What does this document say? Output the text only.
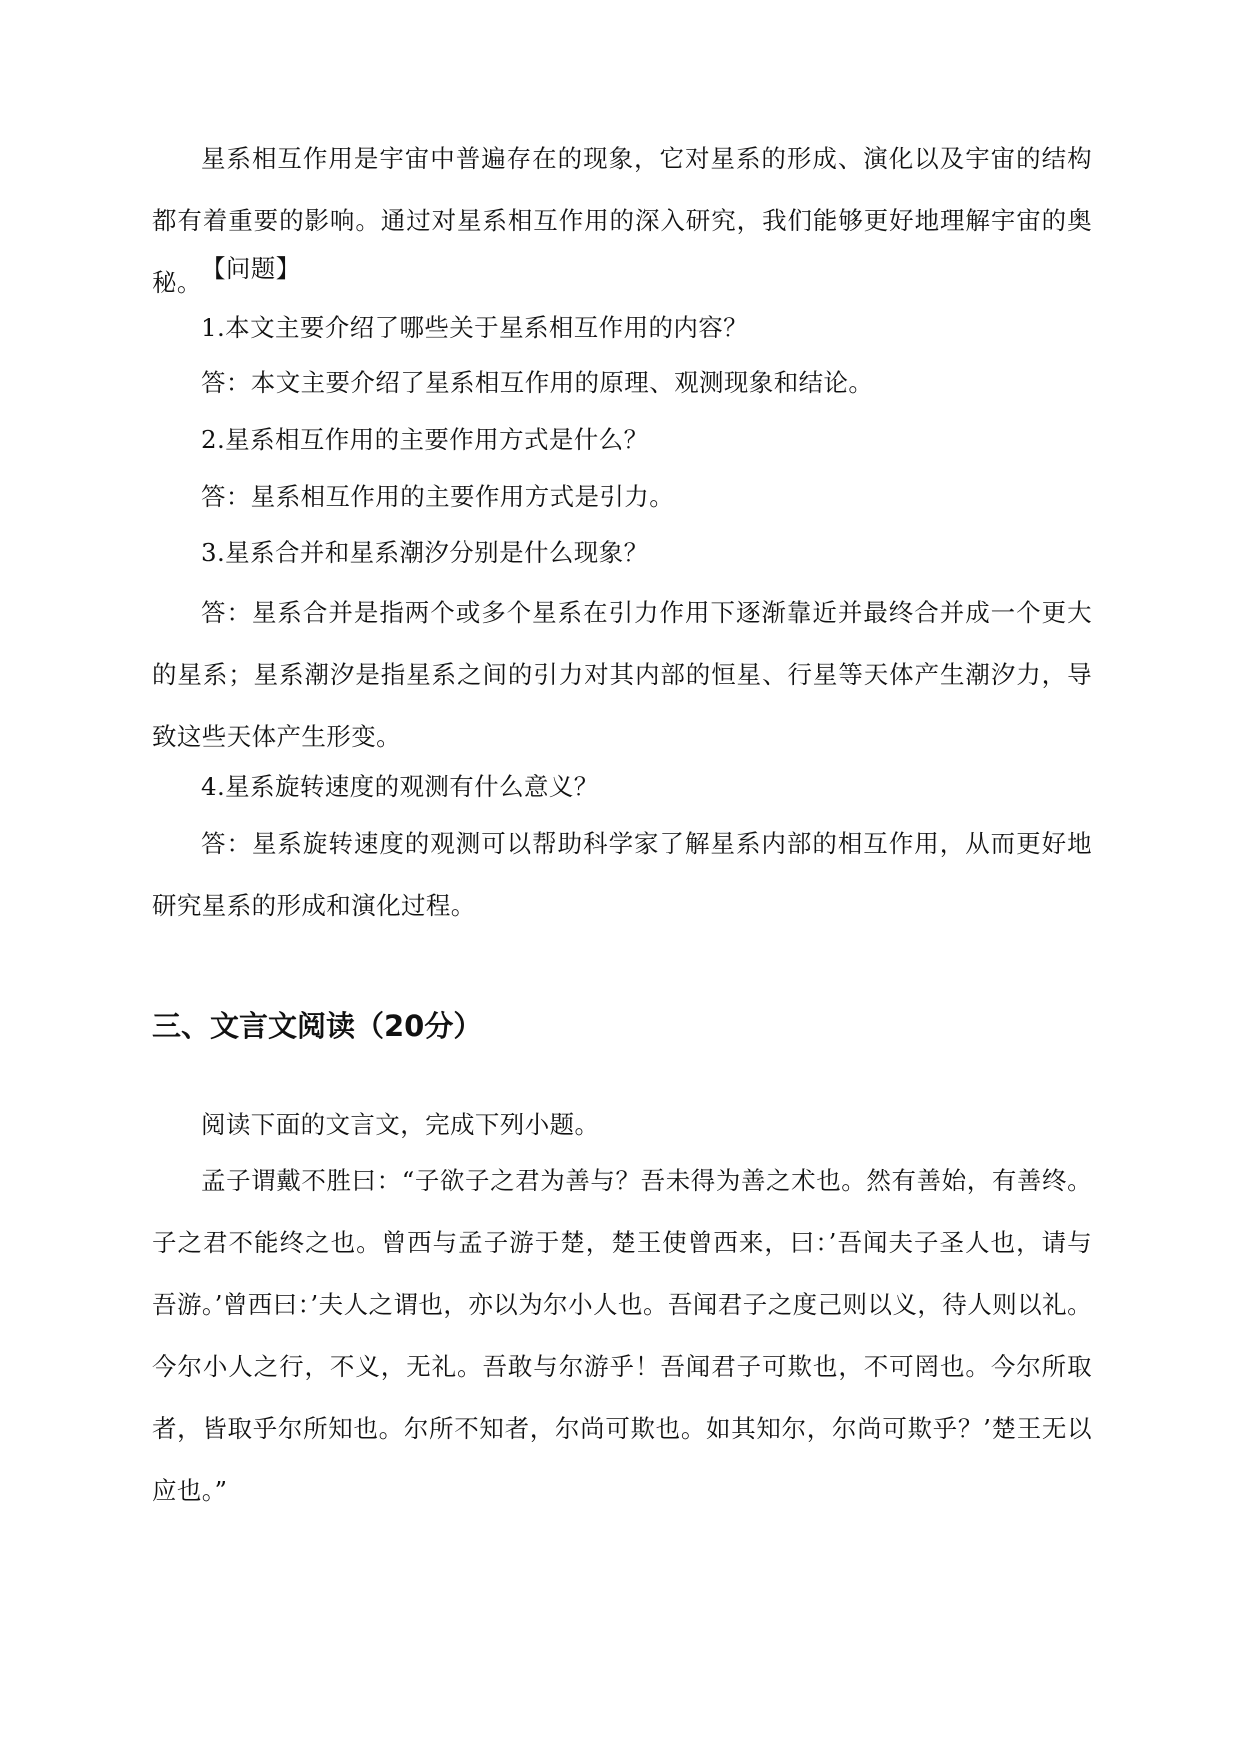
星系相互作用是宇宙中普遍存在的现象，它对星系的形成、演化以及宇宙的结构都有着重要的影响。通过对星系相互作用的深入研究，我们能够更好地理解宇宙的奥秘。 【问题】

1.本文主要介绍了哪些关于星系相互作用的内容？

答：本文主要介绍了星系相互作用的原理、观测现象和结论。

2.星系相互作用的主要作用方式是什么？

答：星系相互作用的主要作用方式是引力。

3.星系合并和星系潮汐分别是什么现象？

答：星系合并是指两个或多个星系在引力作用下逐渐靠近并最终合并成一个更大的星系；星系潮汐是指星系之间的引力对其内部的恒星、行星等天体产生潮汐力，导致这些天体产生形变。

4.星系旋转速度的观测有什么意义？

答：星系旋转速度的观测可以帮助科学家了解星系内部的相互作用，从而更好地研究星系的形成和演化过程。

三、文言文阅读（20分）

阅读下面的文言文，完成下列小题。

孟子谓戴不胜曰：“子欲子之君为善与？吾未得为善之术也。然有善始，有善终。子之君不能终之也。曾西与孟子游于楚，楚王使曾西来，曰：’吾闻夫子圣人也，请与吾游。’曾西曰：’夫人之谓也，亦以为尔小人也。吾闻君子之度己则以义，待人则以礼。今尔小人之行，不义，无礼。吾敢与尔游乎！吾闻君子可欺也，不可罔也。今尔所取者，皆取乎尔所知也。尔所不知者，尔尚可欺也。如其知尔，尔尚可欺乎？’楚王无以应也。”
